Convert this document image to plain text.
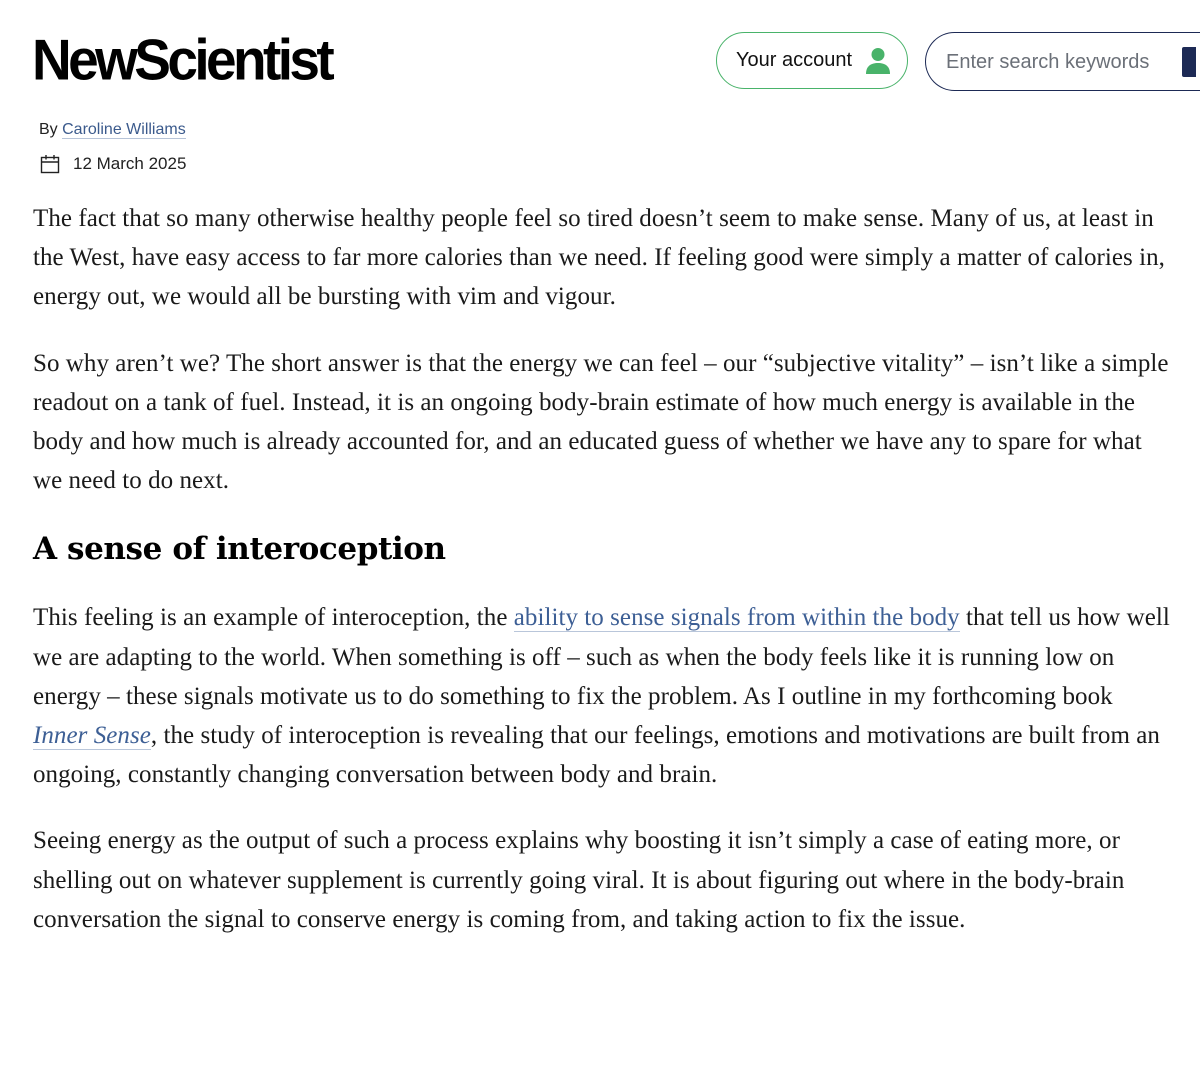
NewScientist	Your account
Enter search keywords
By Caroline Williams
12 March 2025

The fact that so many otherwise healthy people feel so tired doesn’t seem to make sense. Many of us, at least in the West, have easy access to far more calories than we need. If feeling good were simply a matter of calories in, energy out, we would all be bursting with vim and vigour.

So why aren’t we? The short answer is that the energy we can feel – our “subjective vitality” – isn’t like a simple readout on a tank of fuel. Instead, it is an ongoing body-brain estimate of how much energy is available in the body and how much is already accounted for, and an educated guess of whether we have any to spare for what we need to do next.

A sense of interoception

This feeling is an example of interoception, the ability to sense signals from within the body that tell us how well we are adapting to the world. When something is off – such as when the body feels like it is running low on energy – these signals motivate us to do something to fix the problem. As I outline in my forthcoming book Inner Sense, the study of interoception is revealing that our feelings, emotions and motivations are built from an ongoing, constantly changing conversation between body and brain.

Seeing energy as the output of such a process explains why boosting it isn’t simply a case of eating more, or shelling out on whatever supplement is currently going viral. It is about figuring out where in the body-brain conversation the signal to conserve energy is coming from, and taking action to fix the issue.
